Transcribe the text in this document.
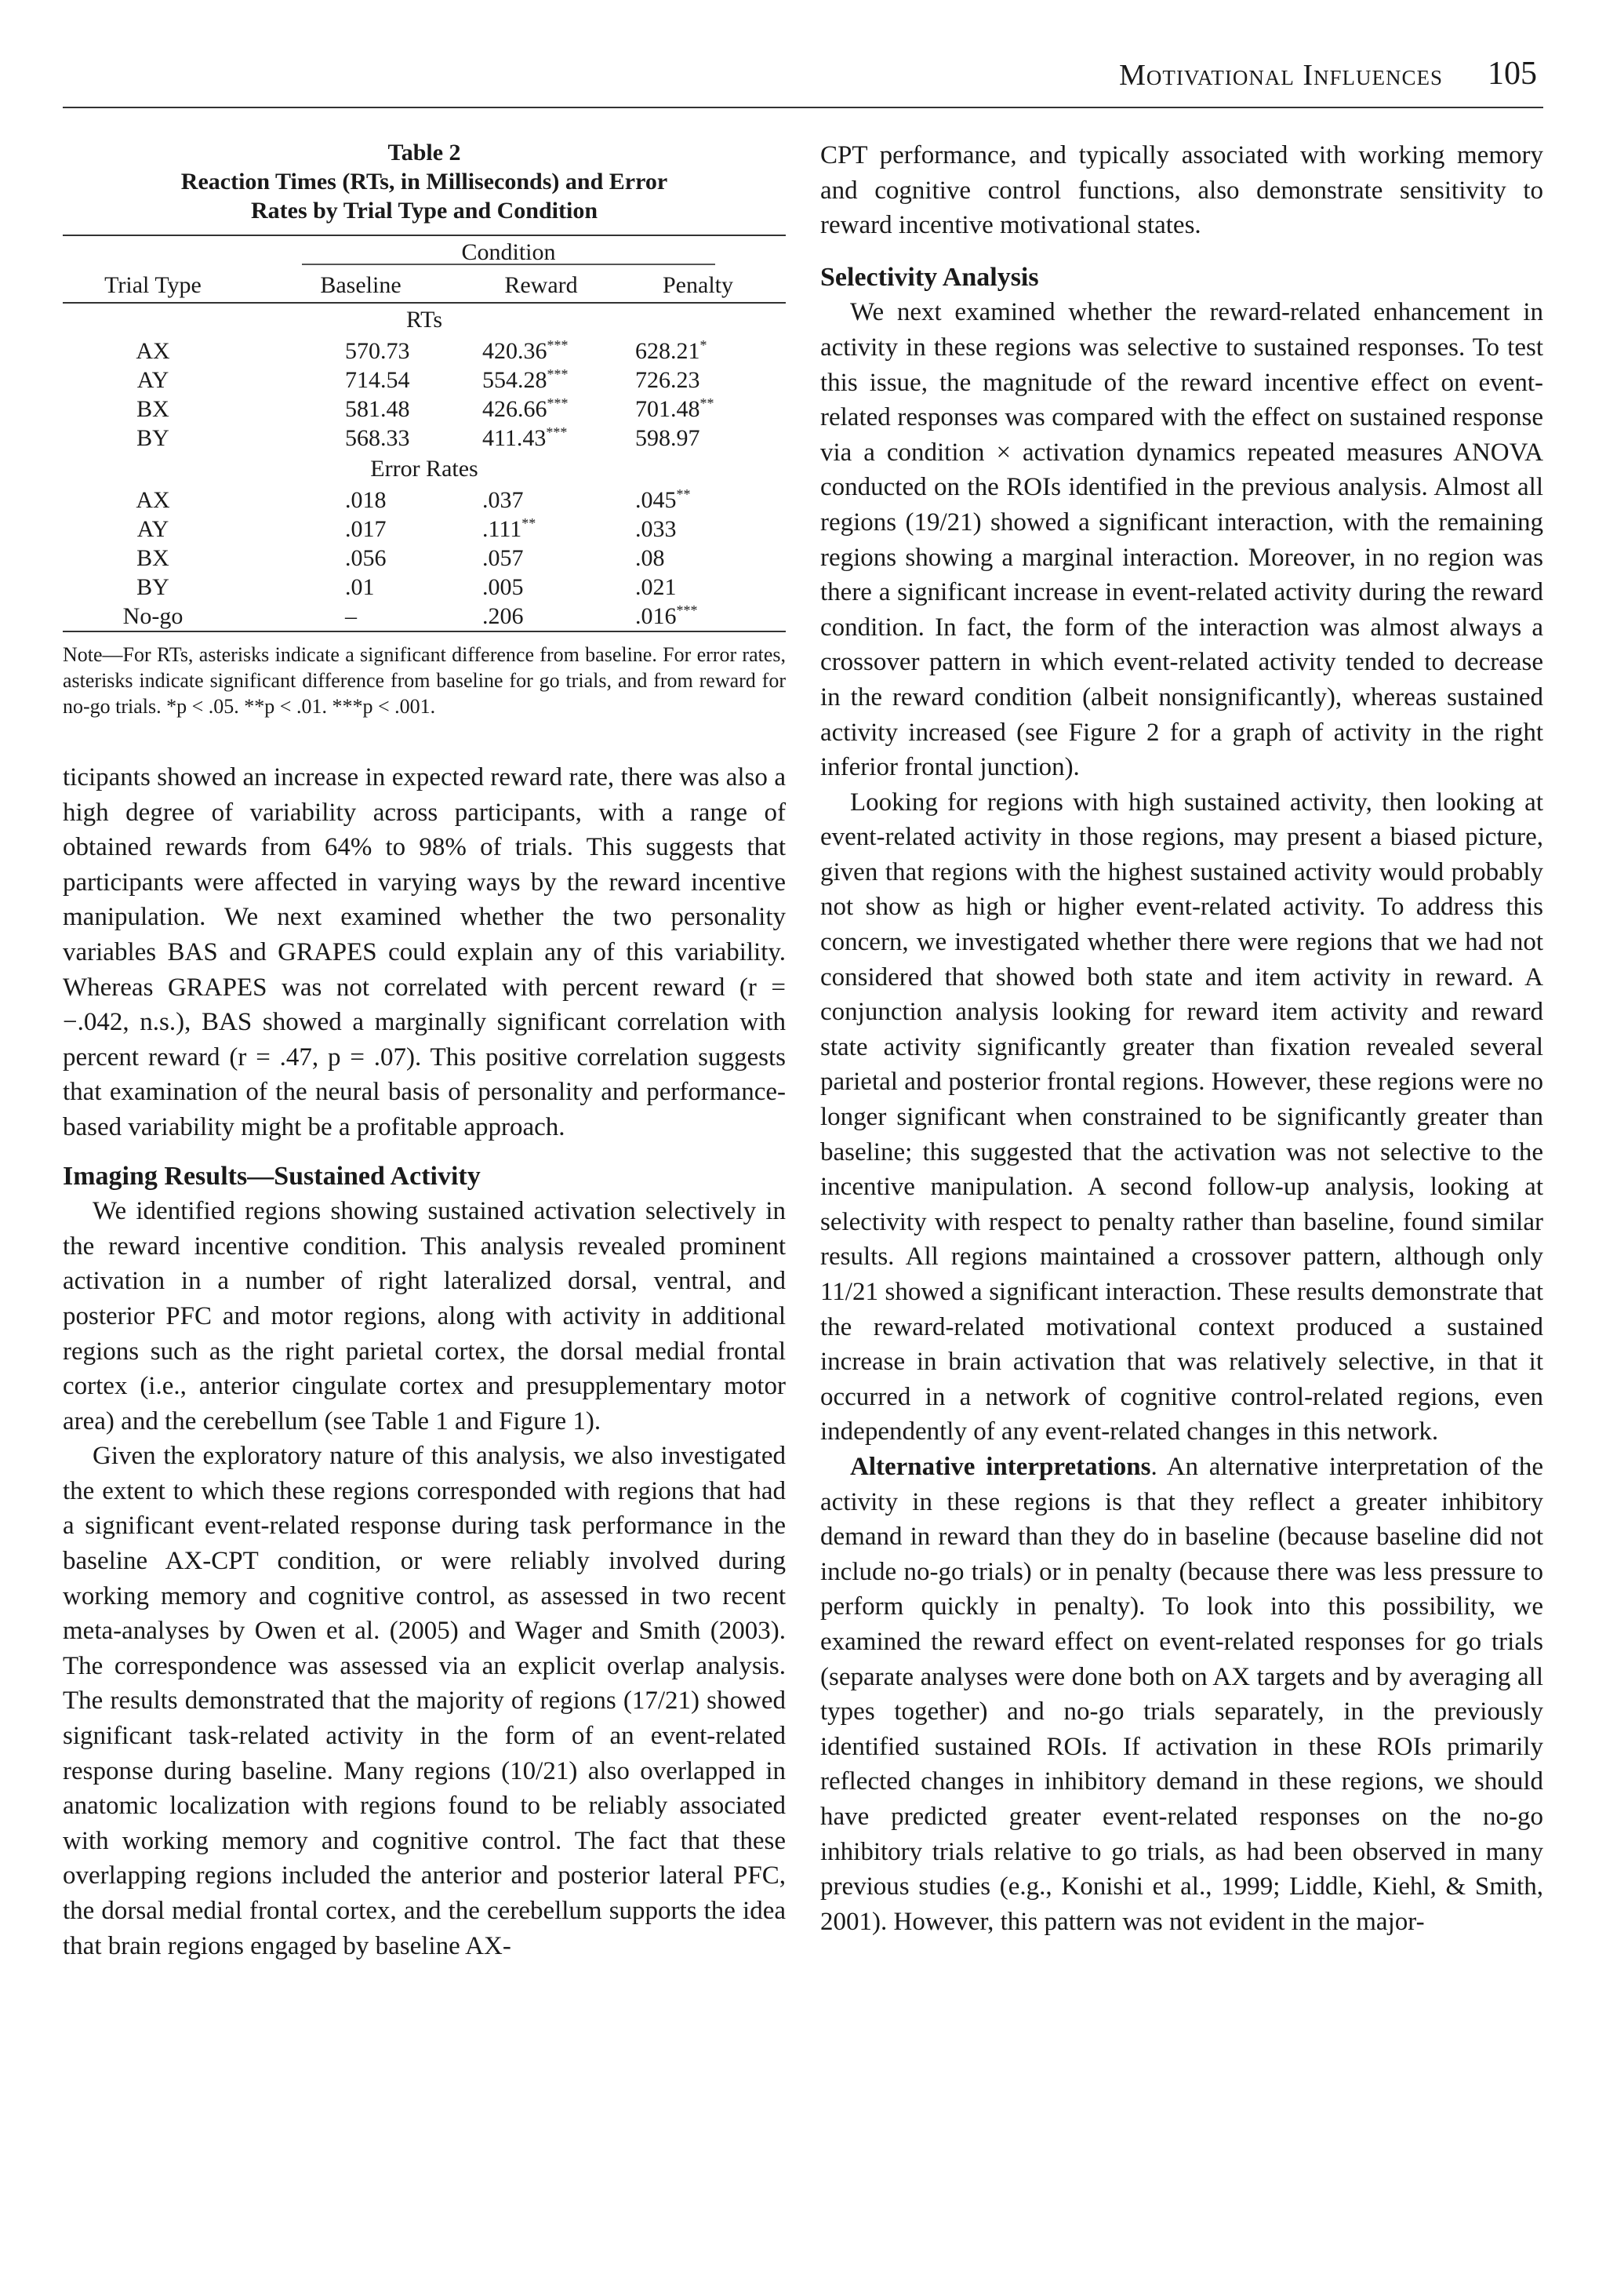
Motivational Influences 105
Table 2
Reaction Times (RTs, in Milliseconds) and Error
Rates by Trial Type and Condition
Condition
Trial Type	Baseline	Reward	Penalty
RTs
AX	570.73	420.36***	628.21*
AY	714.54	554.28***	726.23
BX	581.48	426.66***	701.48**
BY	568.33	411.43***	598.97
Error Rates
AX	.018	.037	.045**
AY	.017	.111**	.033
BX	.056	.057	.08
BY	.01	.005	.021
No-go	–	.206	.016***
Note—For RTs, asterisks indicate a significant difference from baseline. For error rates, asterisks indicate significant difference from baseline for go trials, and from reward for no-go trials. *p < .05. **p < .01. ***p < .001.

ticipants showed an increase in expected reward rate, there was also a high degree of variability across participants, with a range of obtained rewards from 64% to 98% of trials. This suggests that participants were affected in varying ways by the reward incentive manipulation. We next examined whether the two personality variables BAS and GRAPES could explain any of this variability. Whereas GRAPES was not correlated with percent reward (r = −.042, n.s.), BAS showed a marginally significant correlation with percent reward (r = .47, p = .07). This positive correlation suggests that examination of the neural basis of personality and performance-based variability might be a profitable approach.

Imaging Results—Sustained Activity

We identified regions showing sustained activation selectively in the reward incentive condition. This analysis revealed prominent activation in a number of right lateralized dorsal, ventral, and posterior PFC and motor regions, along with activity in additional regions such as the right parietal cortex, the dorsal medial frontal cortex (i.e., anterior cingulate cortex and presupplementary motor area) and the cerebellum (see Table 1 and Figure 1).

Given the exploratory nature of this analysis, we also investigated the extent to which these regions corresponded with regions that had a significant event-related response during task performance in the baseline AX-CPT condition, or were reliably involved during working memory and cognitive control, as assessed in two recent meta-analyses by Owen et al. (2005) and Wager and Smith (2003). The correspondence was assessed via an explicit overlap analysis. The results demonstrated that the majority of regions (17/21) showed significant task-related activity in the form of an event-related response during baseline. Many regions (10/21) also overlapped in anatomic localization with regions found to be reliably associated with working memory and cognitive control. The fact that these overlapping regions included the anterior and posterior lateral PFC, the dorsal medial frontal cortex, and the cerebellum supports the idea that brain regions engaged by baseline AX-

CPT performance, and typically associated with working memory and cognitive control functions, also demonstrate sensitivity to reward incentive motivational states.

Selectivity Analysis

We next examined whether the reward-related enhancement in activity in these regions was selective to sustained responses. To test this issue, the magnitude of the reward incentive effect on event-related responses was compared with the effect on sustained response via a condition × activation dynamics repeated measures ANOVA conducted on the ROIs identified in the previous analysis. Almost all regions (19/21) showed a significant interaction, with the remaining regions showing a marginal interaction. Moreover, in no region was there a significant increase in event-related activity during the reward condition. In fact, the form of the interaction was almost always a crossover pattern in which event-related activity tended to decrease in the reward condition (albeit nonsignificantly), whereas sustained activity increased (see Figure 2 for a graph of activity in the right inferior frontal junction).

Looking for regions with high sustained activity, then looking at event-related activity in those regions, may present a biased picture, given that regions with the highest sustained activity would probably not show as high or higher event-related activity. To address this concern, we investigated whether there were regions that we had not considered that showed both state and item activity in reward. A conjunction analysis looking for reward item activity and reward state activity significantly greater than fixation revealed several parietal and posterior frontal regions. However, these regions were no longer significant when constrained to be significantly greater than baseline; this suggested that the activation was not selective to the incentive manipulation. A second follow-up analysis, looking at selectivity with respect to penalty rather than baseline, found similar results. All regions maintained a crossover pattern, although only 11/21 showed a significant interaction. These results demonstrate that the reward-related motivational context produced a sustained increase in brain activation that was relatively selective, in that it occurred in a network of cognitive control-related regions, even independently of any event-related changes in this network.

Alternative interpretations. An alternative interpretation of the activity in these regions is that they reflect a greater inhibitory demand in reward than they do in baseline (because baseline did not include no-go trials) or in penalty (because there was less pressure to perform quickly in penalty). To look into this possibility, we examined the reward effect on event-related responses for go trials (separate analyses were done both on AX targets and by averaging all types together) and no-go trials separately, in the previously identified sustained ROIs. If activation in these ROIs primarily reflected changes in inhibitory demand in these regions, we should have predicted greater event-related responses on the no-go inhibitory trials relative to go trials, as had been observed in many previous studies (e.g., Konishi et al., 1999; Liddle, Kiehl, & Smith, 2001). However, this pattern was not evident in the major-
